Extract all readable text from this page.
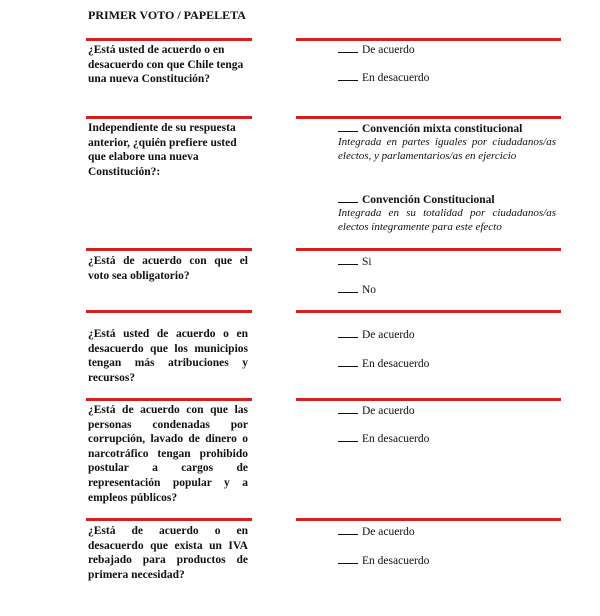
PRIMER VOTO / PAPELETA
¿Está usted de acuerdo o en desacuerdo con que Chile tenga una nueva Constitución?
De acuerdo
En desacuerdo
Independiente de su respuesta anterior, ¿quién prefiere usted que elabore una nueva Constitución?:
Convención mixta constitucional
Integrada en partes iguales por ciudadanos/as electos, y parlamentarios/as en ejercicio
Convención Constitucional
Integrada en su totalidad por ciudadanos/as electos íntegramente para este efecto
¿Está de acuerdo con que el voto sea obligatorio?
Si
No
¿Está usted de acuerdo o en desacuerdo que los municipios tengan más atribuciones y recursos?
De acuerdo
En desacuerdo
¿Está de acuerdo con que las personas condenadas por corrupción, lavado de dinero o narcotráfico tengan prohibido postular a cargos de representación popular y a empleos públicos?
De acuerdo
En desacuerdo
¿Está de acuerdo o en desacuerdo que exista un IVA rebajado para productos de primera necesidad?
De acuerdo
En desacuerdo
